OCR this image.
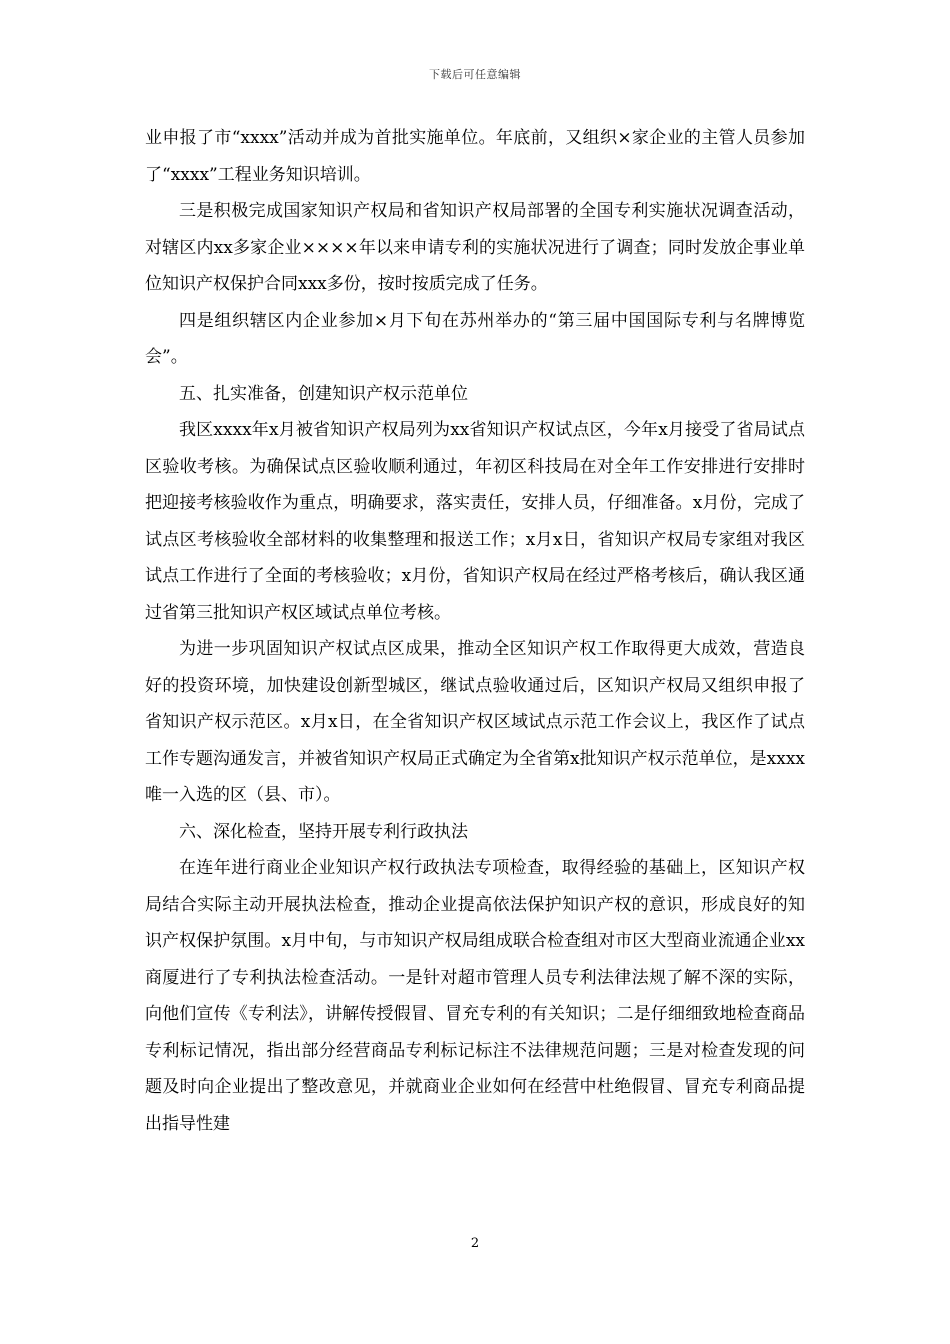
下载后可任意编辑

业申报了市“xxxx”活动并成为首批实施单位。年底前，又组织×家企业的主管人员参加了“xxxx”工程业务知识培训。

三是积极完成国家知识产权局和省知识产权局部署的全国专利实施状况调查活动，对辖区内xx多家企业××××年以来申请专利的实施状况进行了调查；同时发放企事业单位知识产权保护合同xxx多份，按时按质完成了任务。

四是组织辖区内企业参加×月下旬在苏州举办的“第三届中国国际专利与名牌博览会”。

五、扎实准备，创建知识产权示范单位

我区xxxx年x月被省知识产权局列为xx省知识产权试点区，今年x月接受了省局试点区验收考核。为确保试点区验收顺利通过，年初区科技局在对全年工作安排进行安排时把迎接考核验收作为重点，明确要求，落实责任，安排人员，仔细准备。x月份，完成了试点区考核验收全部材料的收集整理和报送工作；x月x日，省知识产权局专家组对我区试点工作进行了全面的考核验收；x月份，省知识产权局在经过严格考核后，确认我区通过省第三批知识产权区域试点单位考核。

为进一步巩固知识产权试点区成果，推动全区知识产权工作取得更大成效，营造良好的投资环境，加快建设创新型城区，继试点验收通过后，区知识产权局又组织申报了省知识产权示范区。x月x日，在全省知识产权区域试点示范工作会议上，我区作了试点工作专题沟通发言，并被省知识产权局正式确定为全省第x批知识产权示范单位，是xxxx唯一入选的区（县、市）。

六、深化检查，坚持开展专利行政执法

在连年进行商业企业知识产权行政执法专项检查，取得经验的基础上，区知识产权局结合实际主动开展执法检查，推动企业提高依法保护知识产权的意识，形成良好的知识产权保护氛围。x月中旬，与市知识产权局组成联合检查组对市区大型商业流通企业xx商厦进行了专利执法检查活动。一是针对超市管理人员专利法律法规了解不深的实际，向他们宣传《专利法》，讲解传授假冒、冒充专利的有关知识；二是仔细细致地检查商品专利标记情况，指出部分经营商品专利标记标注不法律规范问题；三是对检查发现的问题及时向企业提出了整改意见，并就商业企业如何在经营中杜绝假冒、冒充专利商品提出指导性建

2
